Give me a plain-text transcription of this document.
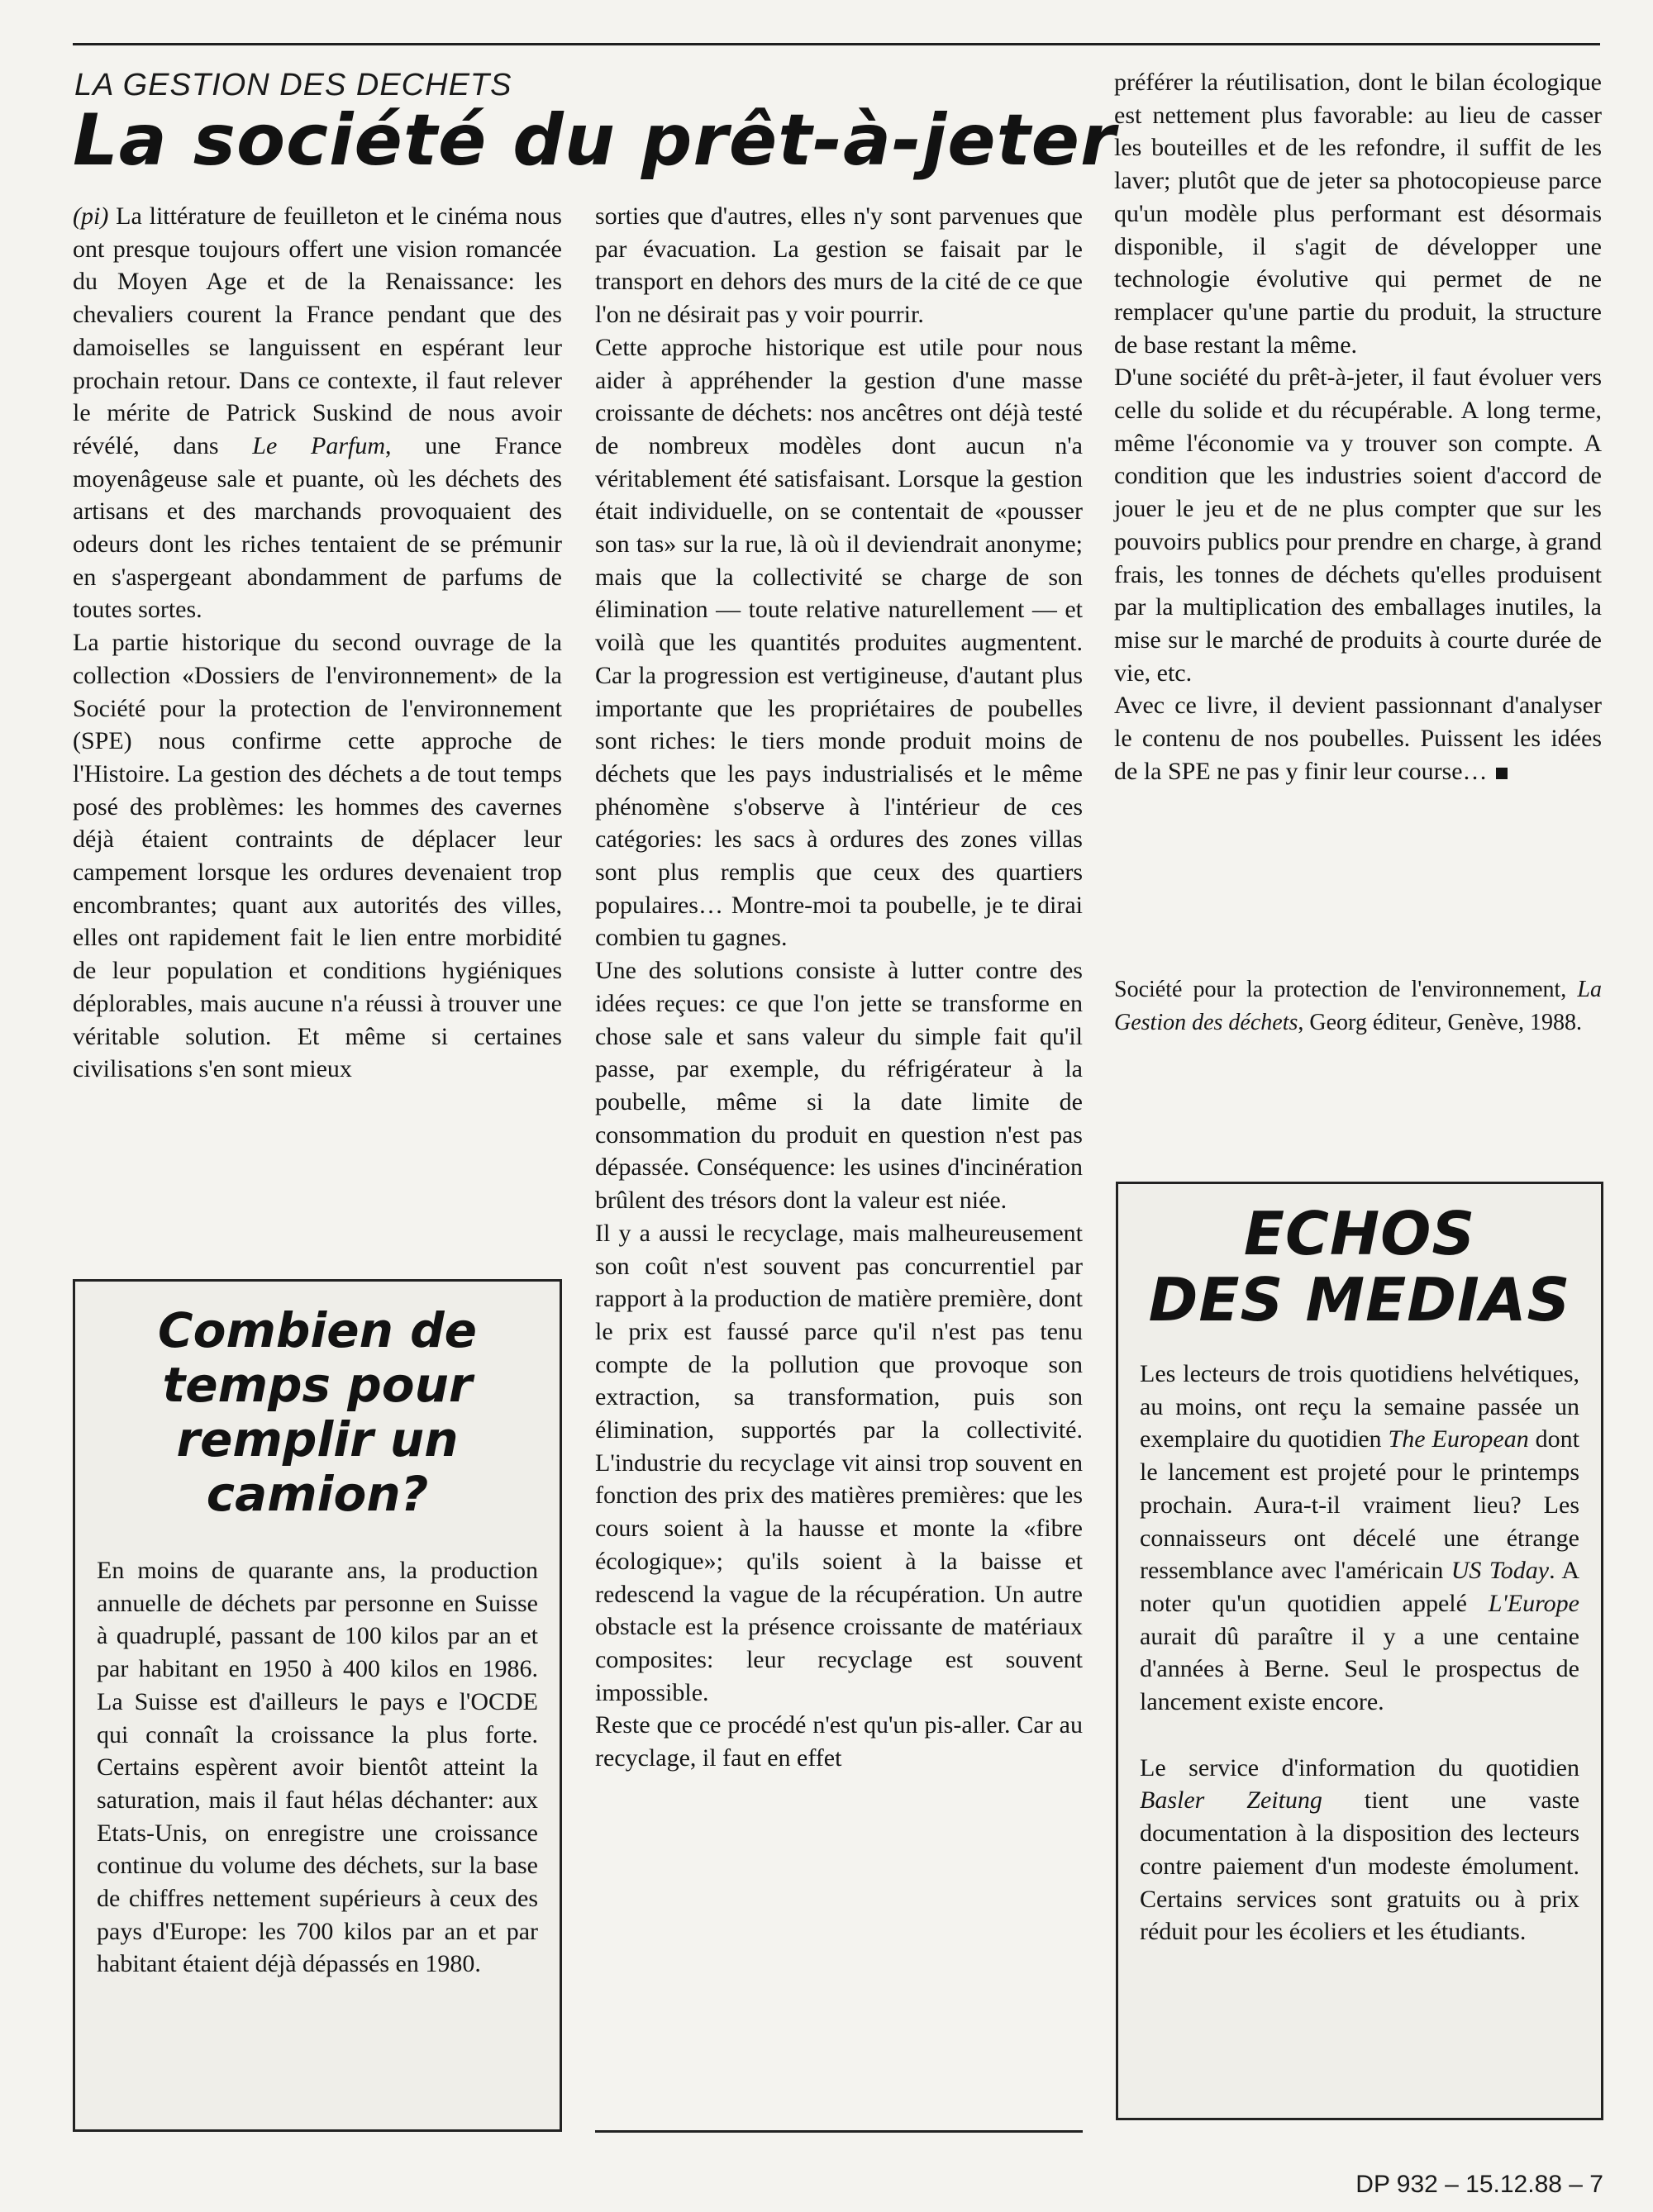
LA GESTION DES DECHETS
La société du prêt-à-jeter

(pi) La littérature de feuilleton et le cinéma nous ont presque toujours offert une vision romancée du Moyen Age et de la Renaissance: les chevaliers courent la France pendant que des damoiselles se languissent en espérant leur prochain retour. Dans ce contexte, il faut relever le mérite de Patrick Suskind de nous avoir révélé, dans Le Parfum, une France moyenâgeuse sale et puante, où les déchets des artisans et des marchands provoquaient des odeurs dont les riches tentaient de se prémunir en s'aspergeant abondamment de parfums de toutes sortes.

La partie historique du second ouvrage de la collection «Dossiers de l'environnement» de la Société pour la protection de l'environnement (SPE) nous confirme cette approche de l'Histoire. La gestion des déchets a de tout temps posé des problèmes: les hommes des cavernes déjà étaient contraints de déplacer leur campement lorsque les ordures devenaient trop encombrantes; quant aux autorités des villes, elles ont rapidement fait le lien entre morbidité de leur population et conditions hygiéniques déplorables, mais aucune n'a réussi à trouver une véritable solution. Et même si certaines civilisations s'en sont mieux

sorties que d'autres, elles n'y sont parvenues que par évacuation. La gestion se faisait par le transport en dehors des murs de la cité de ce que l'on ne désirait pas y voir pourrir.

Cette approche historique est utile pour nous aider à appréhender la gestion d'une masse croissante de déchets: nos ancêtres ont déjà testé de nombreux modèles dont aucun n'a véritablement été satisfaisant. Lorsque la gestion était individuelle, on se contentait de «pousser son tas» sur la rue, là où il deviendrait anonyme; mais que la collectivité se charge de son élimination — toute relative naturellement — et voilà que les quantités produites augmentent. Car la progression est vertigineuse, d'autant plus importante que les propriétaires de poubelles sont riches: le tiers monde produit moins de déchets que les pays industrialisés et le même phénomène s'observe à l'intérieur de ces catégories: les sacs à ordures des zones villas sont plus remplis que ceux des quartiers populaires… Montre-moi ta poubelle, je te dirai combien tu gagnes.

Une des solutions consiste à lutter contre des idées reçues: ce que l'on jette se transforme en chose sale et sans valeur du simple fait qu'il passe, par exemple, du réfrigérateur à la poubelle, même si la date limite de consommation du produit en question n'est pas dépassée. Conséquence: les usines d'incinération brûlent des trésors dont la valeur est niée.

Il y a aussi le recyclage, mais malheureusement son coût n'est souvent pas concurrentiel par rapport à la production de matière première, dont le prix est faussé parce qu'il n'est pas tenu compte de la pollution que provoque son extraction, sa transformation, puis son élimination, supportés par la collectivité. L'industrie du recyclage vit ainsi trop souvent en fonction des prix des matières premières: que les cours soient à la hausse et monte la «fibre écologique»; qu'ils soient à la baisse et redescend la vague de la récupération. Un autre obstacle est la présence croissante de matériaux composites: leur recyclage est souvent impossible.

Reste que ce procédé n'est qu'un pis-aller. Car au recyclage, il faut en effet

préférer la réutilisation, dont le bilan écologique est nettement plus favorable: au lieu de casser les bouteilles et de les refondre, il suffit de les laver; plutôt que de jeter sa photocopieuse parce qu'un modèle plus performant est désormais disponible, il s'agit de développer une technologie évolutive qui permet de ne remplacer qu'une partie du produit, la structure de base restant la même.

D'une société du prêt-à-jeter, il faut évoluer vers celle du solide et du récupérable. A long terme, même l'économie va y trouver son compte. A condition que les industries soient d'accord de jouer le jeu et de ne plus compter que sur les pouvoirs publics pour prendre en charge, à grand frais, les tonnes de déchets qu'elles produisent par la multiplication des emballages inutiles, la mise sur le marché de produits à courte durée de vie, etc.

Avec ce livre, il devient passionnant d'analyser le contenu de nos poubelles. Puissent les idées de la SPE ne pas y finir leur course…

Société pour la protection de l'environnement, La Gestion des déchets, Georg éditeur, Genève, 1988.

Combien de temps pour remplir un camion?
En moins de quarante ans, la production annuelle de déchets par personne en Suisse à quadruplé, passant de 100 kilos par an et par habitant en 1950 à 400 kilos en 1986. La Suisse est d'ailleurs le pays e l'OCDE qui connaît la croissance la plus forte. Certains espèrent avoir bientôt atteint la saturation, mais il faut hélas déchanter: aux Etats-Unis, on enregistre une croissance continue du volume des déchets, sur la base de chiffres nettement supérieurs à ceux des pays d'Europe: les 700 kilos par an et par habitant étaient déjà dépassés en 1980.
ECHOS
DES MEDIAS

Les lecteurs de trois quotidiens helvétiques, au moins, ont reçu la semaine passée un exemplaire du quotidien The European dont le lancement est projeté pour le printemps prochain. Aura-t-il vraiment lieu? Les connaisseurs ont décelé une étrange ressemblance avec l'américain US Today. A noter qu'un quotidien appelé L'Europe aurait dû paraître il y a une centaine d'années à Berne. Seul le prospectus de lancement existe encore.

Le service d'information du quotidien Basler Zeitung tient une vaste documentation à la disposition des lecteurs contre paiement d'un modeste émolument. Certains services sont gratuits ou à prix réduit pour les écoliers et les étudiants.

DP 932 – 15.12.88 – 7
